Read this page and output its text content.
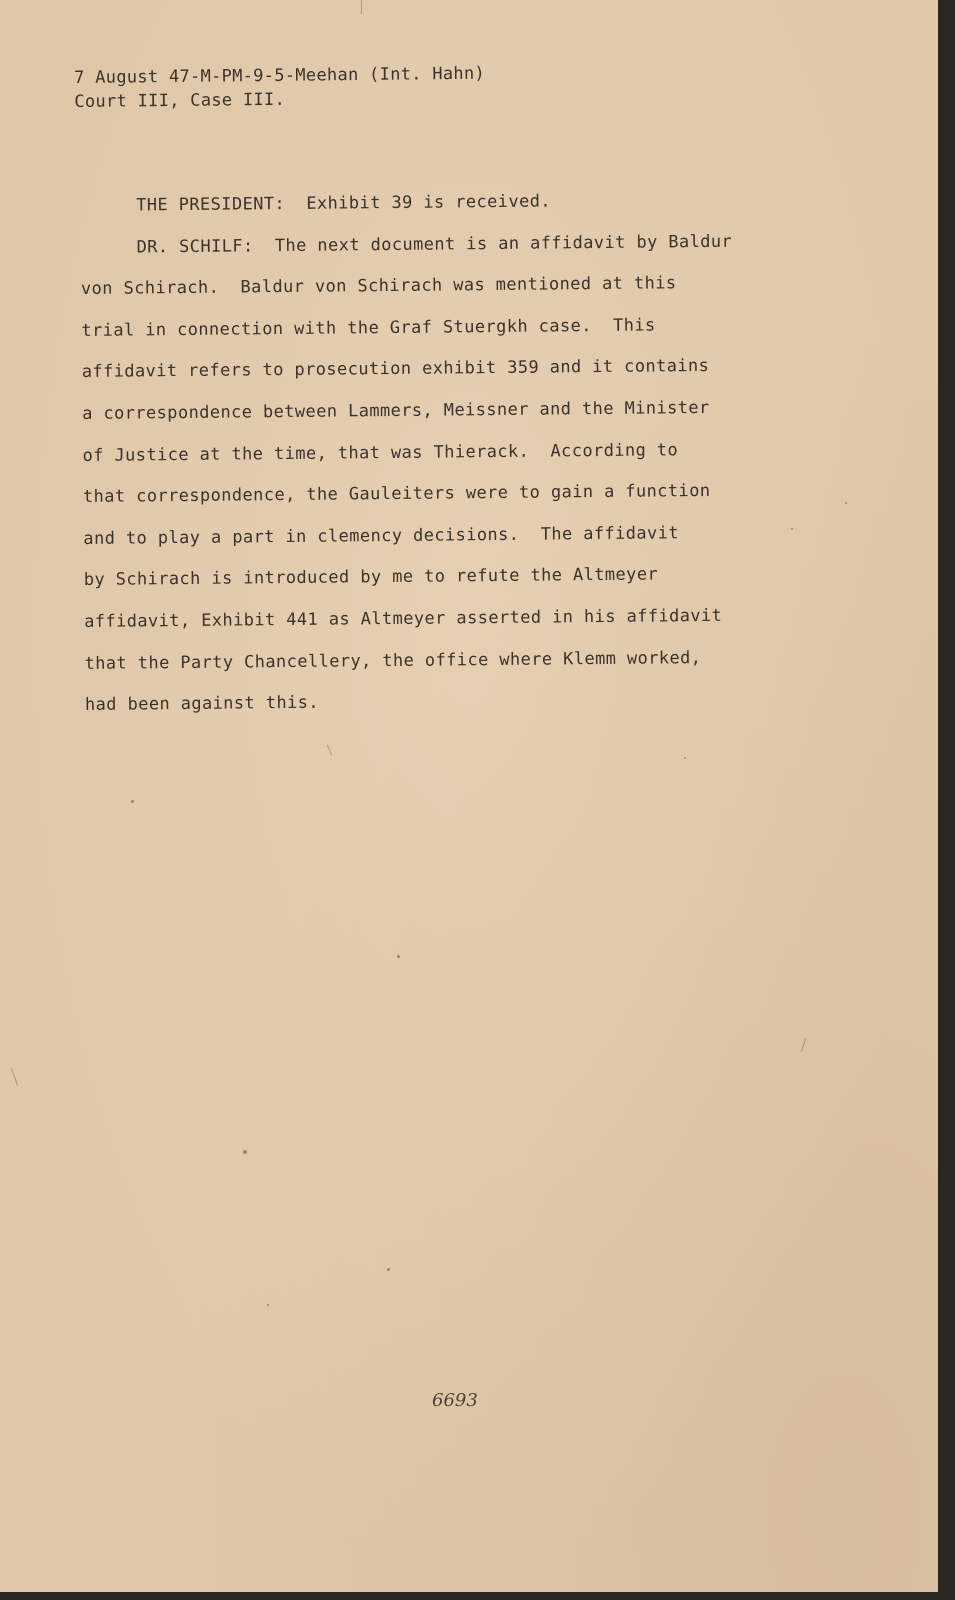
7 August 47-M-PM-9-5-Meehan (Int. Hahn)
Court III, Case III.
THE PRESIDENT:  Exhibit 39 is received.
DR. SCHILF:  The next document is an affidavit by Baldur
von Schirach.  Baldur von Schirach was mentioned at this
trial in connection with the Graf Stuergkh case.  This
affidavit refers to prosecution exhibit 359 and it contains
a correspondence between Lammers, Meissner and the Minister
of Justice at the time, that was Thierack.  According to
that correspondence, the Gauleiters were to gain a function
and to play a part in clemency decisions.  The affidavit
by Schirach is introduced by me to refute the Altmeyer
affidavit, Exhibit 441 as Altmeyer asserted in his affidavit
that the Party Chancellery, the office where Klemm worked,
had been against this.
6693
